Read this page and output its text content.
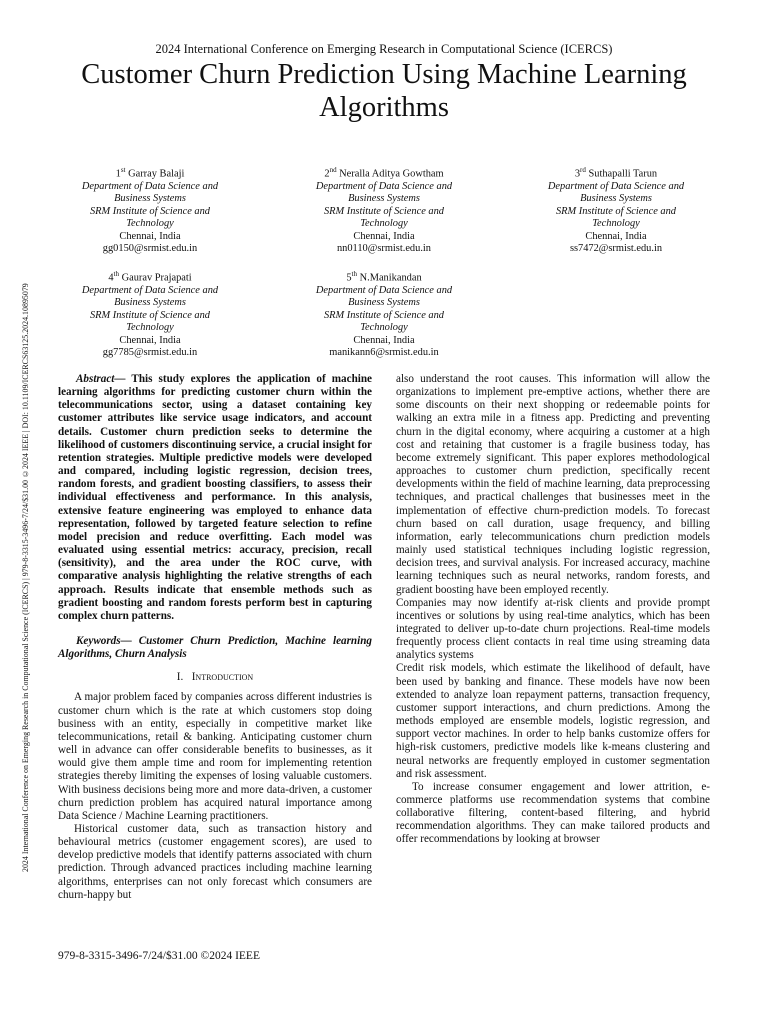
2024 International Conference on Emerging Research in Computational Science (ICERCS)
Customer Churn Prediction Using Machine Learning Algorithms
2024 International Conference on Emerging Research in Computational Science (ICERCS) | 979-8-3315-3496-7/24/$31.00 ©2024 IEEE | DOI: 10.1109/ICERCS63125.2024.10895079
1st Garray Balaji
Department of Data Science and
Business Systems
SRM Institute of Science and
Technology
Chennai, India
gg0150@srmist.edu.in
2nd Neralla Aditya Gowtham
Department of Data Science and
Business Systems
SRM Institute of Science and
Technology
Chennai, India
nn0110@srmist.edu.in
3rd Suthapalli Tarun
Department of Data Science and
Business Systems
SRM Institute of Science and
Technology
Chennai, India
ss7472@srmist.edu.in
4th Gaurav Prajapati
Department of Data Science and
Business Systems
SRM Institute of Science and
Technology
Chennai, India
gg7785@srmist.edu.in
5th N.Manikandan
Department of Data Science and
Business Systems
SRM Institute of Science and
Technology
Chennai, India
manikann6@srmist.edu.in

Abstract— This study explores the application of machine learning algorithms for predicting customer churn within the telecommunications sector, using a dataset containing key customer attributes like service usage indicators, and account details. Customer churn prediction seeks to determine the likelihood of customers discontinuing service, a crucial insight for retention strategies. Multiple predictive models were developed and compared, including logistic regression, decision trees, random forests, and gradient boosting classifiers, to assess their individual effectiveness and performance. In this analysis, extensive feature engineering was employed to enhance data representation, followed by targeted feature selection to refine model precision and reduce overfitting. Each model was evaluated using essential metrics: accuracy, precision, recall (sensitivity), and the area under the ROC curve, with comparative analysis highlighting the relative strengths of each approach. Results indicate that ensemble methods such as gradient boosting and random forests perform best in capturing complex churn patterns.

Keywords— Customer Churn Prediction, Machine learning Algorithms, Churn Analysis

I. Introduction

A major problem faced by companies across different industries is customer churn which is the rate at which customers stop doing business with an entity, especially in competitive market like telecommunications, retail & banking. Anticipating customer churn well in advance can offer considerable benefits to businesses, as it would give them ample time and room for implementing retention strategies thereby limiting the expenses of losing valuable customers. With business decisions being more and more data-driven, a customer churn prediction problem has acquired natural importance among Data Science / Machine Learning practitioners.

Historical customer data, such as transaction history and behavioural metrics (customer engagement scores), are used to develop predictive models that identify patterns associated with churn prediction. Through advanced practices including machine learning algorithms, enterprises can not only forecast which consumers are churn-happy but

also understand the root causes. This information will allow the organizations to implement pre-emptive actions, whether there are some discounts on their next shopping or redeemable points for walking an extra mile in a fitness app. Predicting and preventing churn in the digital economy, where acquiring a customer at a high cost and retaining that customer is a fragile business today, has become extremely significant. This paper explores methodological approaches to customer churn prediction, specifically recent developments within the field of machine learning, data preprocessing techniques, and practical challenges that businesses meet in the implementation of effective churn-prediction models. To forecast churn based on call duration, usage frequency, and billing information, early telecommunications churn prediction models mainly used statistical techniques including logistic regression, decision trees, and survival analysis. For increased accuracy, machine learning techniques such as neural networks, random forests, and gradient boosting have been employed recently.

Companies may now identify at-risk clients and provide prompt incentives or solutions by using real-time analytics, which has been integrated to deliver up-to-date churn projections. Real-time models frequently process client contacts in real time using streaming data analytics systems

Credit risk models, which estimate the likelihood of default, have been used by banking and finance. These models have now been extended to analyze loan repayment patterns, transaction frequency, customer support interactions, and churn predictions. Among the methods employed are ensemble models, logistic regression, and support vector machines. In order to help banks customize offers for high-risk customers, predictive models like k-means clustering and neural networks are frequently employed in customer segmentation and risk assessment.

To increase consumer engagement and lower attrition, e-commerce platforms use recommendation systems that combine collaborative filtering, content-based filtering, and hybrid recommendation algorithms. They can make tailored products and offer recommendations by looking at browser

979-8-3315-3496-7/24/$31.00 ©2024 IEEE
